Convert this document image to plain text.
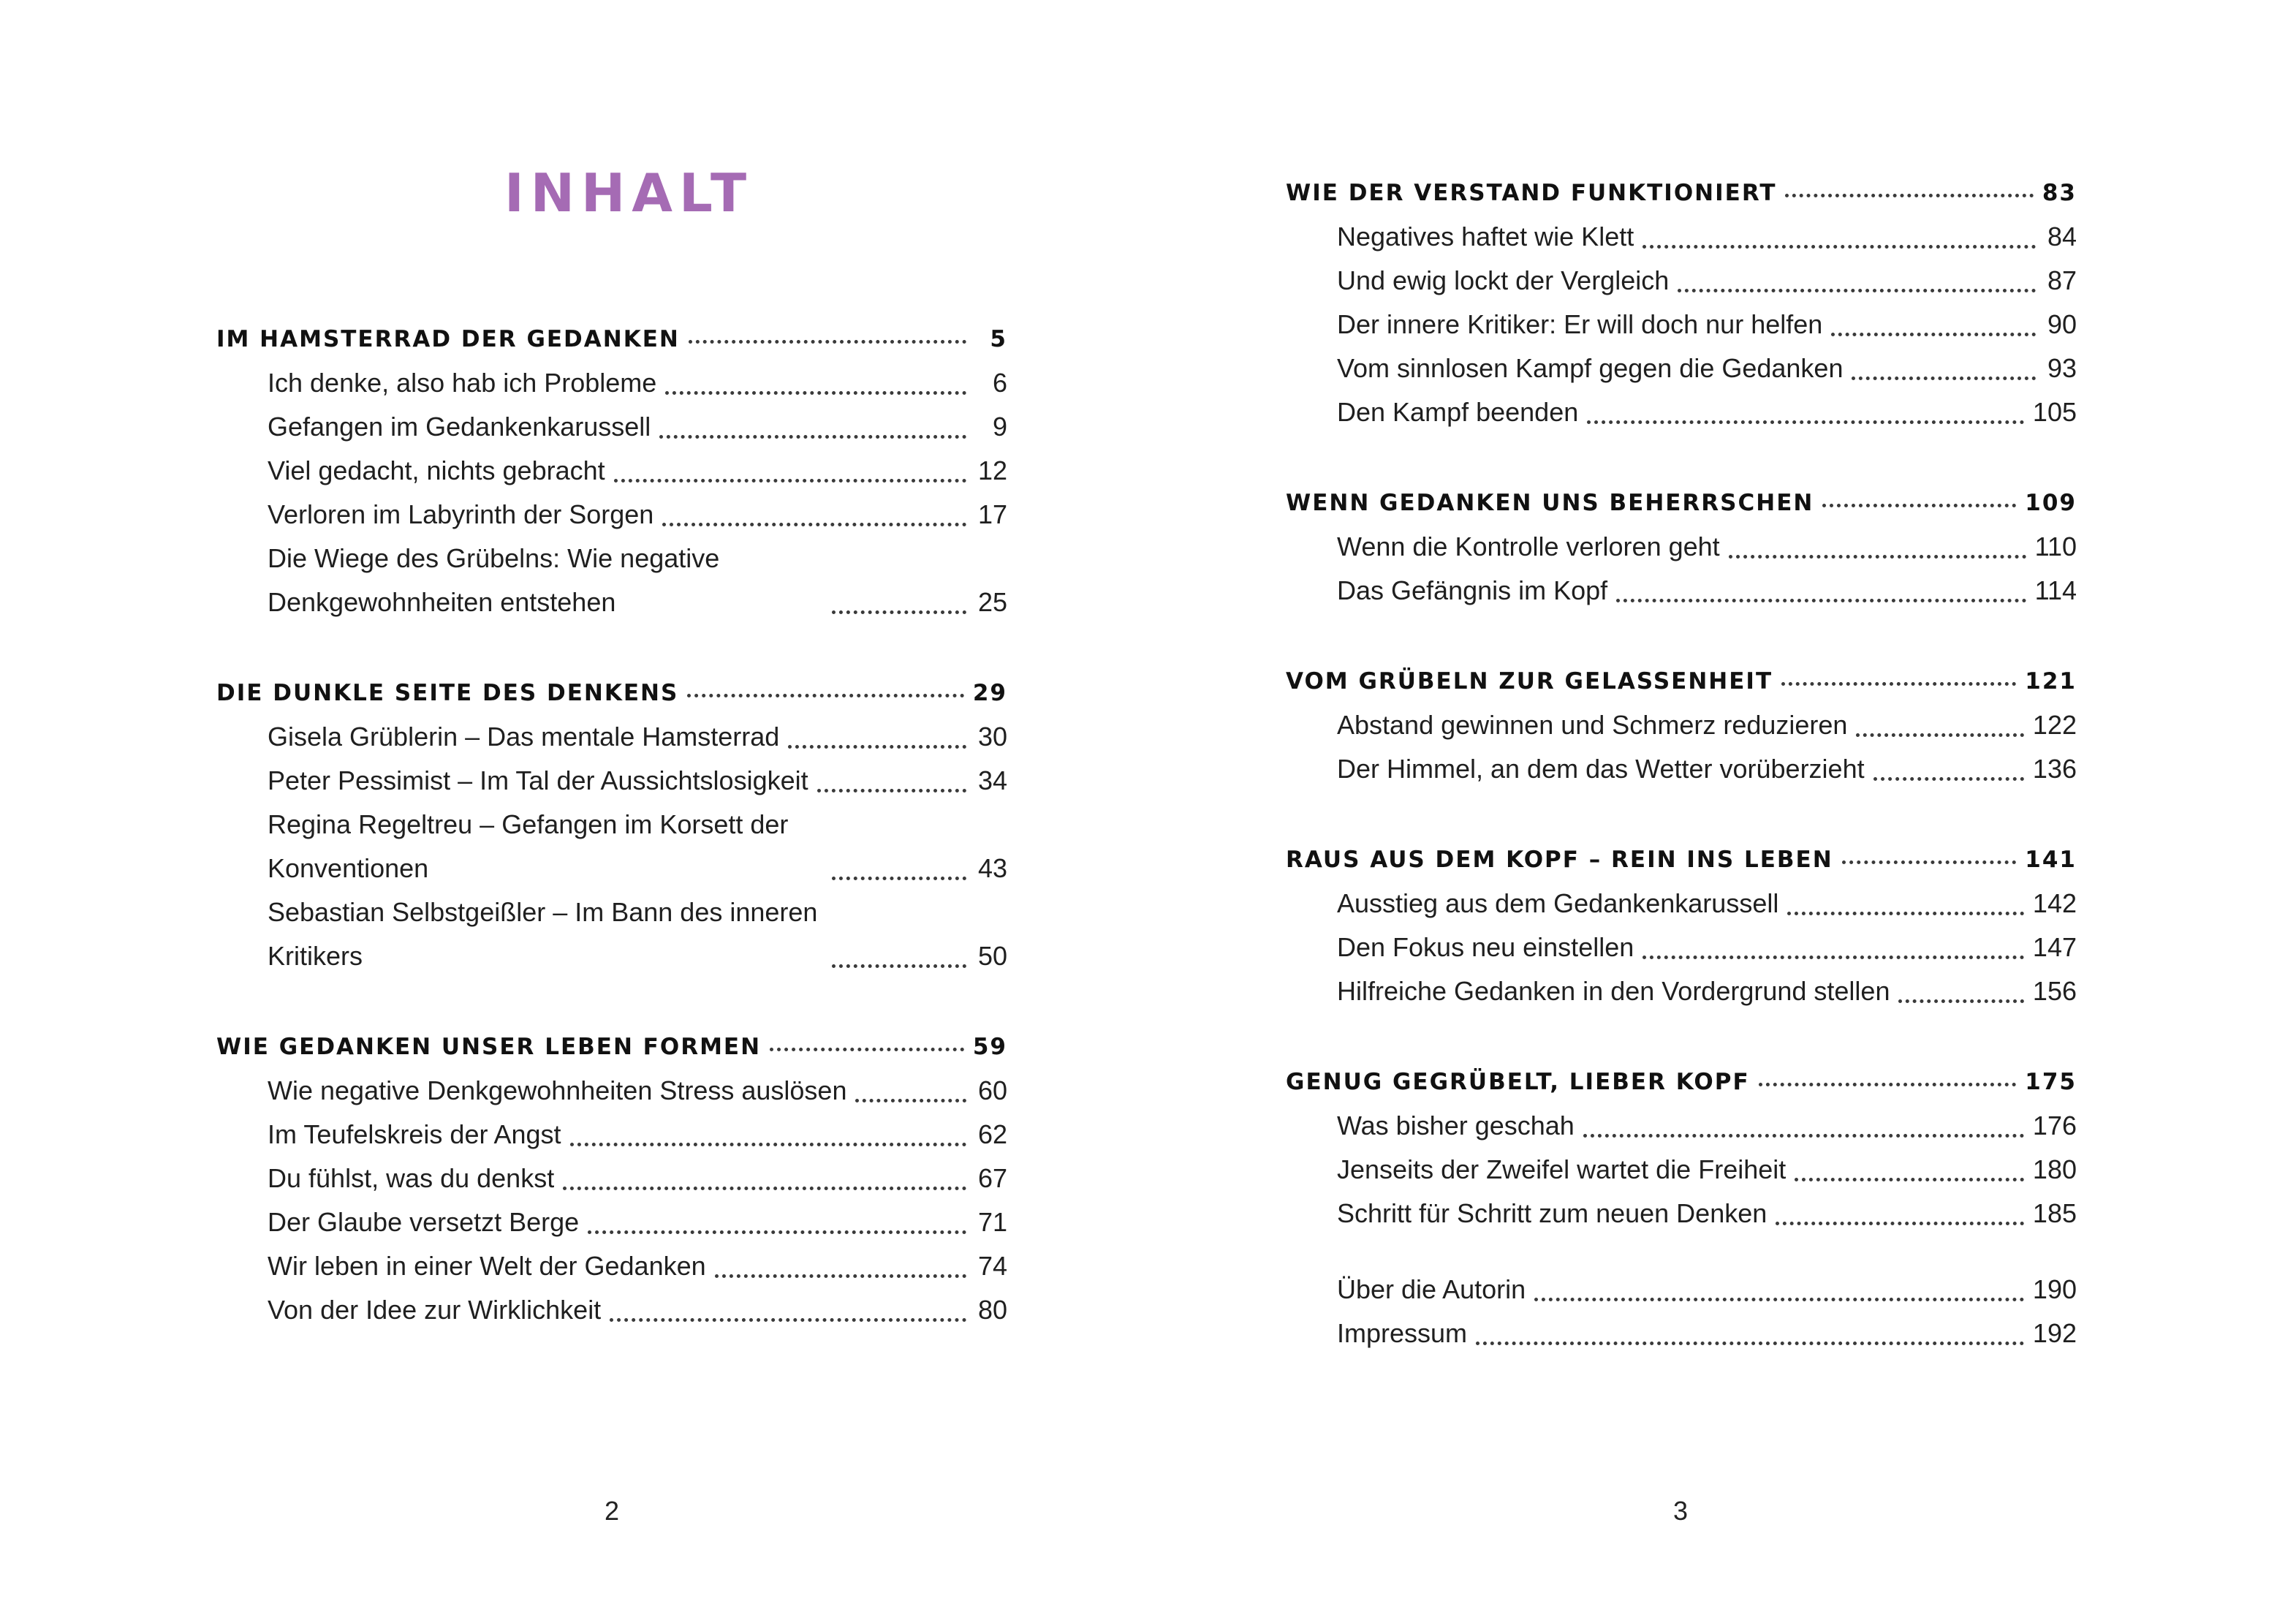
INHALT
IM HAMSTERRAD DER GEDANKEN	5
Ich denke, also hab ich Probleme	6
Gefangen im Gedankenkarussell	9
Viel gedacht, nichts gebracht	12
Verloren im Labyrinth der Sorgen	17
Die Wiege des Grübelns: Wie negative Denkgewohnheiten entstehen	25
DIE DUNKLE SEITE DES DENKENS	29
Gisela Grüblerin – Das mentale Hamsterrad	30
Peter Pessimist – Im Tal der Aussichtslosigkeit	34
Regina Regeltreu – Gefangen im Korsett der Konventionen	43
Sebastian Selbstgeißler – Im Bann des inneren Kritikers	50
WIE GEDANKEN UNSER LEBEN FORMEN	59
Wie negative Denkgewohnheiten Stress auslösen	60
Im Teufelskreis der Angst	62
Du fühlst, was du denkst	67
Der Glaube versetzt Berge	71
Wir leben in einer Welt der Gedanken	74
Von der Idee zur Wirklichkeit	80
2
WIE DER VERSTAND FUNKTIONIERT	83
Negatives haftet wie Klett	84
Und ewig lockt der Vergleich	87
Der innere Kritiker: Er will doch nur helfen	90
Vom sinnlosen Kampf gegen die Gedanken	93
Den Kampf beenden	105
WENN GEDANKEN UNS BEHERRSCHEN	109
Wenn die Kontrolle verloren geht	110
Das Gefängnis im Kopf	114
VOM GRÜBELN ZUR GELASSENHEIT	121
Abstand gewinnen und Schmerz reduzieren	122
Der Himmel, an dem das Wetter vorüberzieht	136
RAUS AUS DEM KOPF – REIN INS LEBEN	141
Ausstieg aus dem Gedankenkarussell	142
Den Fokus neu einstellen	147
Hilfreiche Gedanken in den Vordergrund stellen	156
GENUG GEGRÜBELT, LIEBER KOPF	175
Was bisher geschah	176
Jenseits der Zweifel wartet die Freiheit	180
Schritt für Schritt zum neuen Denken	185
Über die Autorin	190
Impressum	192
3
